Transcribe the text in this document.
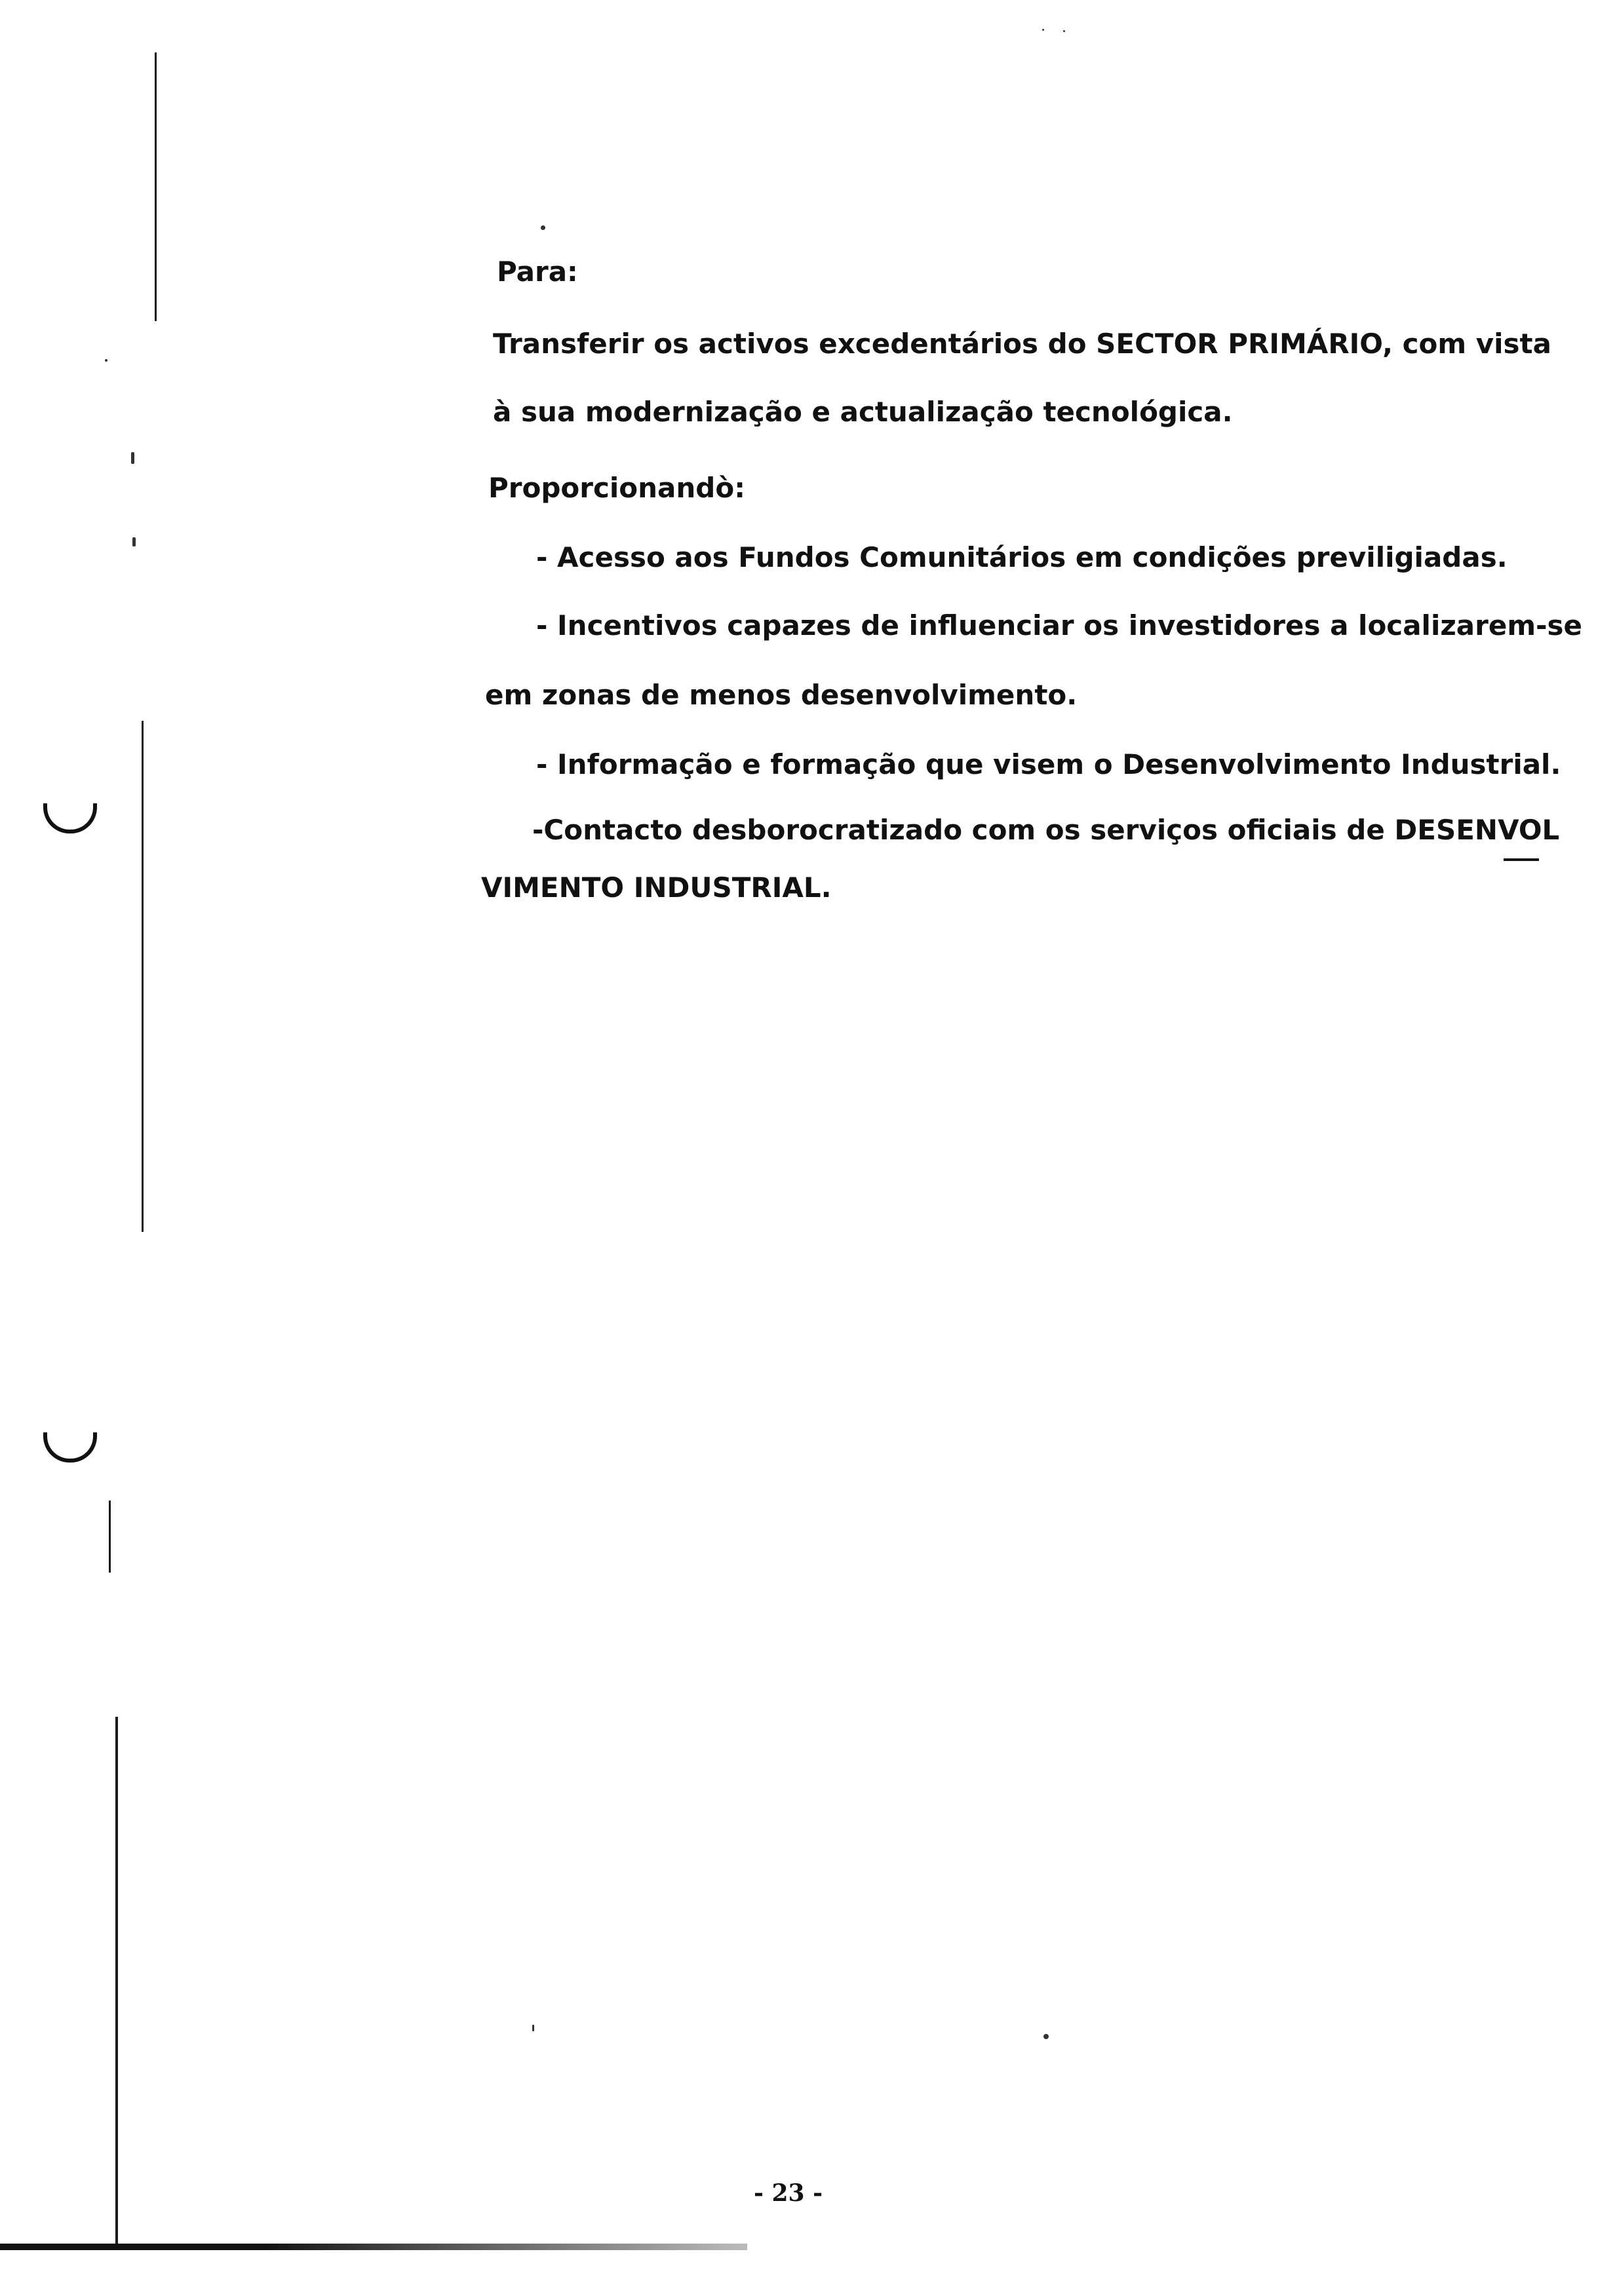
Para:
Transferir os activos excedentários do SECTOR PRIMÁRIO, com vista
à sua modernização e actualização tecnológica.
Proporcionandò:
- Acesso aos Fundos Comunitários em condições previligiadas.
- Incentivos capazes de influenciar os investidores a localizarem-se
em zonas de menos desenvolvimento.
- Informação e formação que visem o Desenvolvimento Industrial.
-Contacto desborocratizado com os serviços oficiais de DESENVOL
VIMENTO INDUSTRIAL.
- 23 -
